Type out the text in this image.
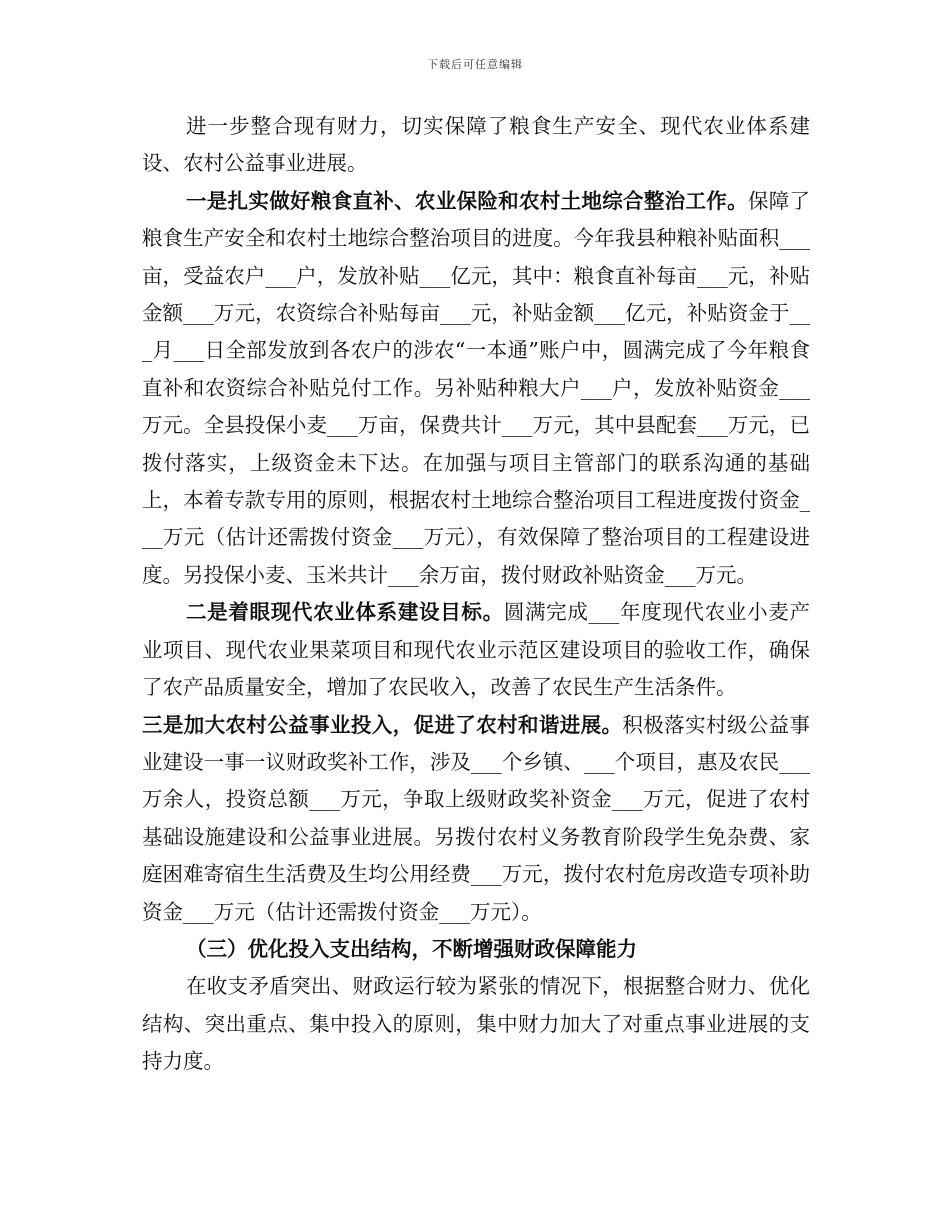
下载后可任意编辑

进一步整合现有财力，切实保障了粮食生产安全、现代农业体系建设、农村公益事业进展。

一是扎实做好粮食直补、农业保险和农村土地综合整治工作。保障了粮食生产安全和农村土地综合整治项目的进度。今年我县种粮补贴面积___亩，受益农户___户，发放补贴___亿元，其中：粮食直补每亩___元，补贴金额___万元，农资综合补贴每亩___元，补贴金额___亿元，补贴资金于___月___日全部发放到各农户的涉农“一本通”账户中，圆满完成了今年粮食直补和农资综合补贴兑付工作。另补贴种粮大户___户，发放补贴资金___万元。全县投保小麦___万亩，保费共计___万元，其中县配套___万元，已拨付落实，上级资金未下达。在加强与项目主管部门的联系沟通的基础上，本着专款专用的原则，根据农村土地综合整治项目工程进度拨付资金___万元（估计还需拨付资金___万元），有效保障了整治项目的工程建设进度。另投保小麦、玉米共计___余万亩，拨付财政补贴资金___万元。

二是着眼现代农业体系建设目标。圆满完成___年度现代农业小麦产业项目、现代农业果菜项目和现代农业示范区建设项目的验收工作，确保了农产品质量安全，增加了农民收入，改善了农民生产生活条件。

三是加大农村公益事业投入，促进了农村和谐进展。积极落实村级公益事业建设一事一议财政奖补工作，涉及___个乡镇、___个项目，惠及农民___万余人，投资总额___万元，争取上级财政奖补资金___万元，促进了农村基础设施建设和公益事业进展。另拨付农村义务教育阶段学生免杂费、家庭困难寄宿生生活费及生均公用经费___万元，拨付农村危房改造专项补助资金___万元（估计还需拨付资金___万元）。

（三）优化投入支出结构，不断增强财政保障能力

在收支矛盾突出、财政运行较为紧张的情况下，根据整合财力、优化结构、突出重点、集中投入的原则，集中财力加大了对重点事业进展的支持力度。
